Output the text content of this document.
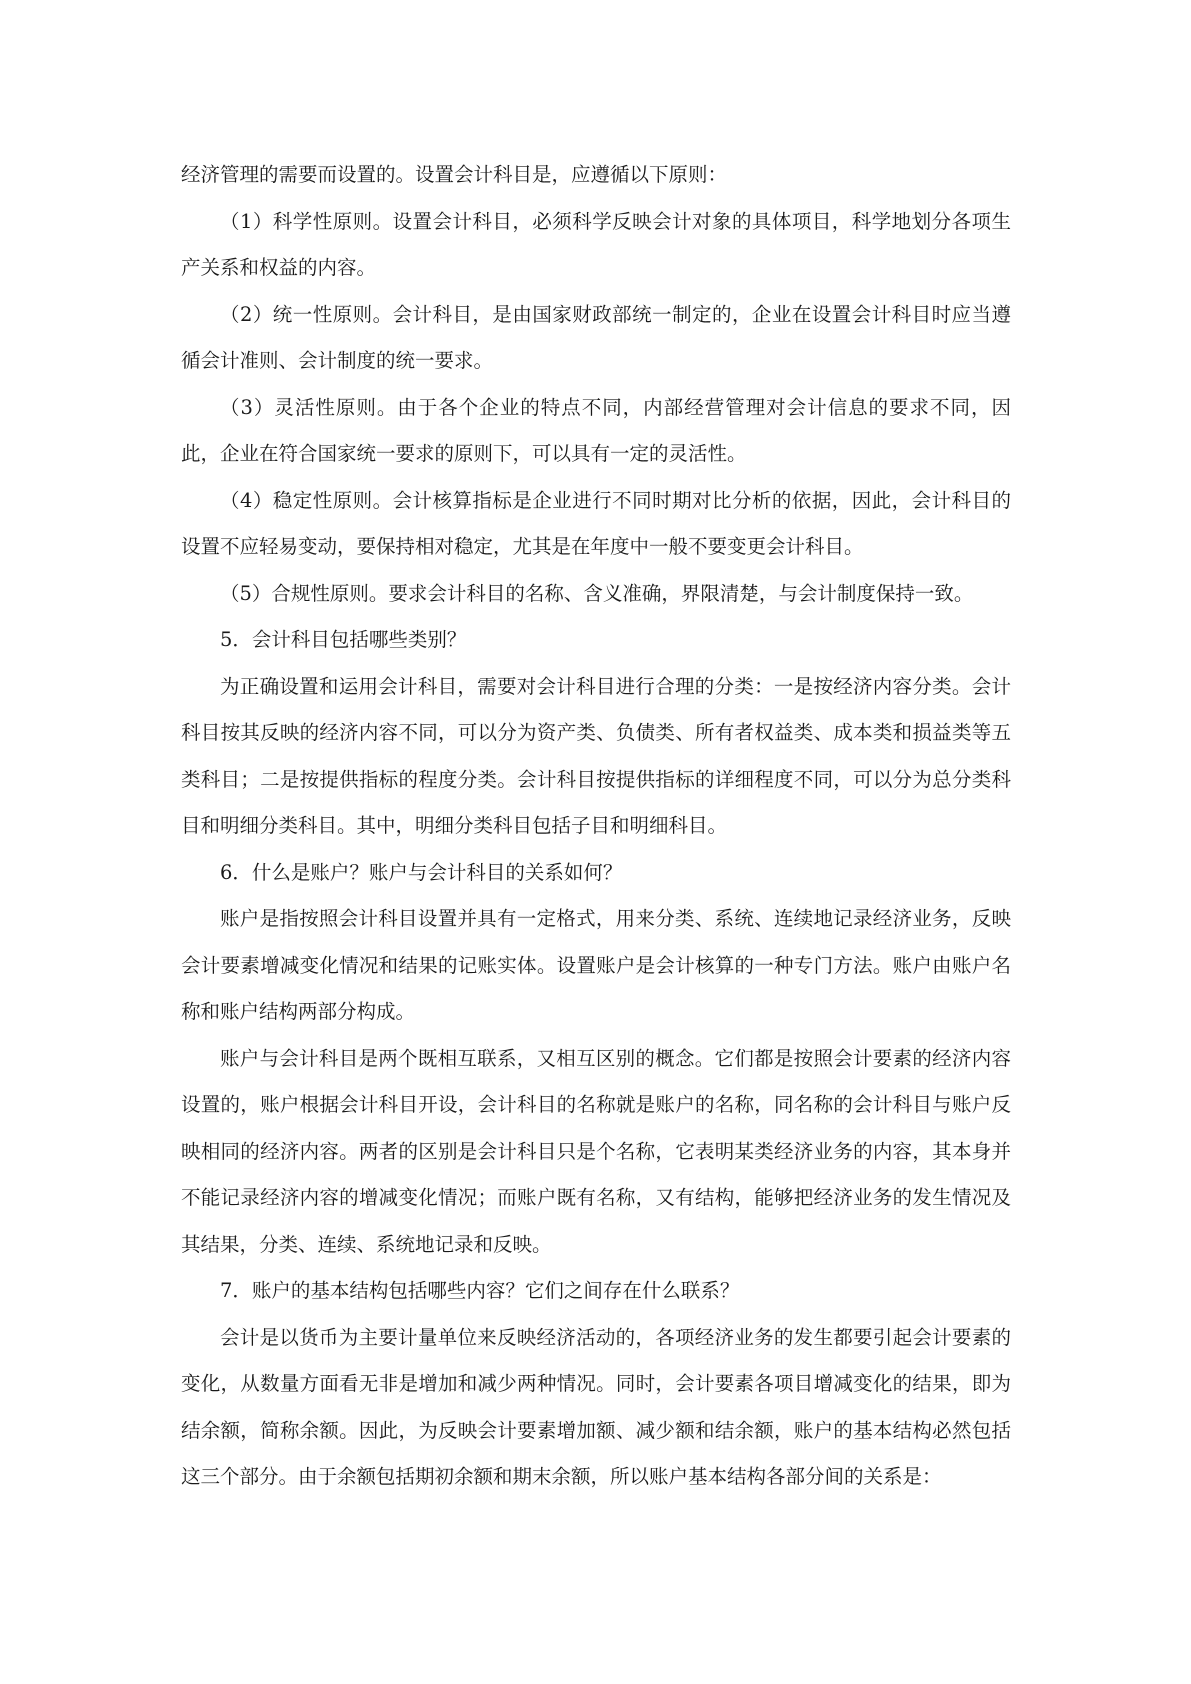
经济管理的需要而设置的。设置会计科目是，应遵循以下原则：

（1）科学性原则。设置会计科目，必须科学反映会计对象的具体项目，科学地划分各项生产关系和权益的内容。

（2）统一性原则。会计科目，是由国家财政部统一制定的，企业在设置会计科目时应当遵循会计准则、会计制度的统一要求。

（3）灵活性原则。由于各个企业的特点不同，内部经营管理对会计信息的要求不同，因此，企业在符合国家统一要求的原则下，可以具有一定的灵活性。

（4）稳定性原则。会计核算指标是企业进行不同时期对比分析的依据，因此，会计科目的设置不应轻易变动，要保持相对稳定，尤其是在年度中一般不要变更会计科目。

（5）合规性原则。要求会计科目的名称、含义准确，界限清楚，与会计制度保持一致。

5．会计科目包括哪些类别？

为正确设置和运用会计科目，需要对会计科目进行合理的分类：一是按经济内容分类。会计科目按其反映的经济内容不同，可以分为资产类、负债类、所有者权益类、成本类和损益类等五类科目；二是按提供指标的程度分类。会计科目按提供指标的详细程度不同，可以分为总分类科目和明细分类科目。其中，明细分类科目包括子目和明细科目。

6．什么是账户？账户与会计科目的关系如何？

账户是指按照会计科目设置并具有一定格式，用来分类、系统、连续地记录经济业务，反映会计要素增减变化情况和结果的记账实体。设置账户是会计核算的一种专门方法。账户由账户名称和账户结构两部分构成。

账户与会计科目是两个既相互联系，又相互区别的概念。它们都是按照会计要素的经济内容设置的，账户根据会计科目开设，会计科目的名称就是账户的名称，同名称的会计科目与账户反映相同的经济内容。两者的区别是会计科目只是个名称，它表明某类经济业务的内容，其本身并不能记录经济内容的增减变化情况；而账户既有名称，又有结构，能够把经济业务的发生情况及其结果，分类、连续、系统地记录和反映。

7．账户的基本结构包括哪些内容？它们之间存在什么联系？

会计是以货币为主要计量单位来反映经济活动的，各项经济业务的发生都要引起会计要素的变化，从数量方面看无非是增加和减少两种情况。同时，会计要素各项目增减变化的结果，即为结余额，简称余额。因此，为反映会计要素增加额、减少额和结余额，账户的基本结构必然包括这三个部分。由于余额包括期初余额和期末余额，所以账户基本结构各部分间的关系是：
